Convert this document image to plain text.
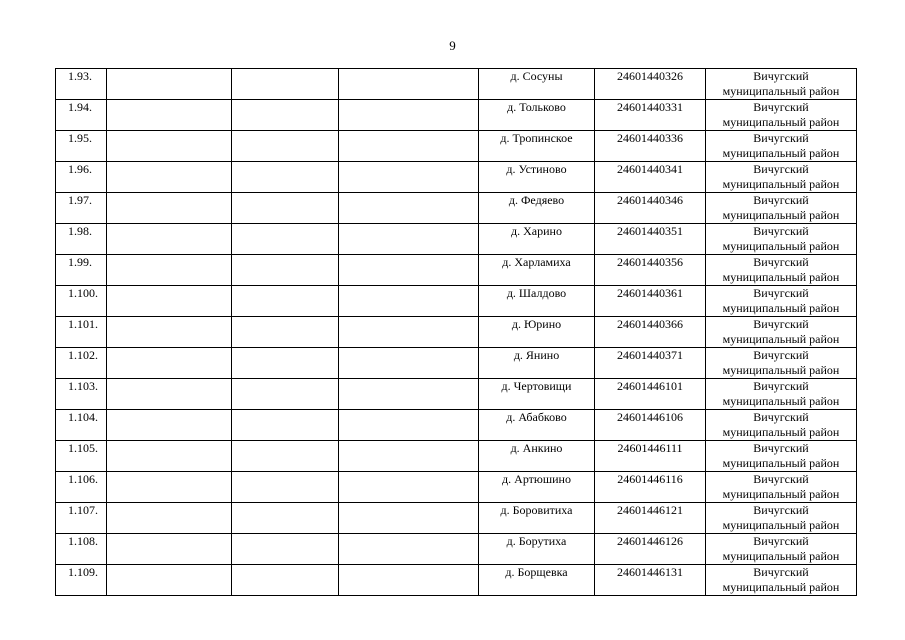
9
1.93.				д. Сосуны	24601440326	Вичугский
муниципальный район

1.94.				д. Тольково	24601440331	Вичугский
муниципальный район

1.95.				д. Тропинское	24601440336	Вичугский
муниципальный район

1.96.				д. Устиново	24601440341	Вичугский
муниципальный район

1.97.				д. Федяево	24601440346	Вичугский
муниципальный район

1.98.				д. Харино	24601440351	Вичугский
муниципальный район

1.99.				д. Харламиха	24601440356	Вичугский
муниципальный район

1.100.				д. Шалдово	24601440361	Вичугский
муниципальный район

1.101.				д. Юрино	24601440366	Вичугский
муниципальный район

1.102.				д. Янино	24601440371	Вичугский
муниципальный район

1.103.				д. Чертовищи	24601446101	Вичугский
муниципальный район

1.104.				д. Абабково	24601446106	Вичугский
муниципальный район

1.105.				д. Анкино	24601446111	Вичугский
муниципальный район

1.106.				д. Артюшино	24601446116	Вичугский
муниципальный район

1.107.				д. Боровитиха	24601446121	Вичугский
муниципальный район

1.108.				д. Борутиха	24601446126	Вичугский
муниципальный район

1.109.				д. Борщевка	24601446131	Вичугский
муниципальный район
